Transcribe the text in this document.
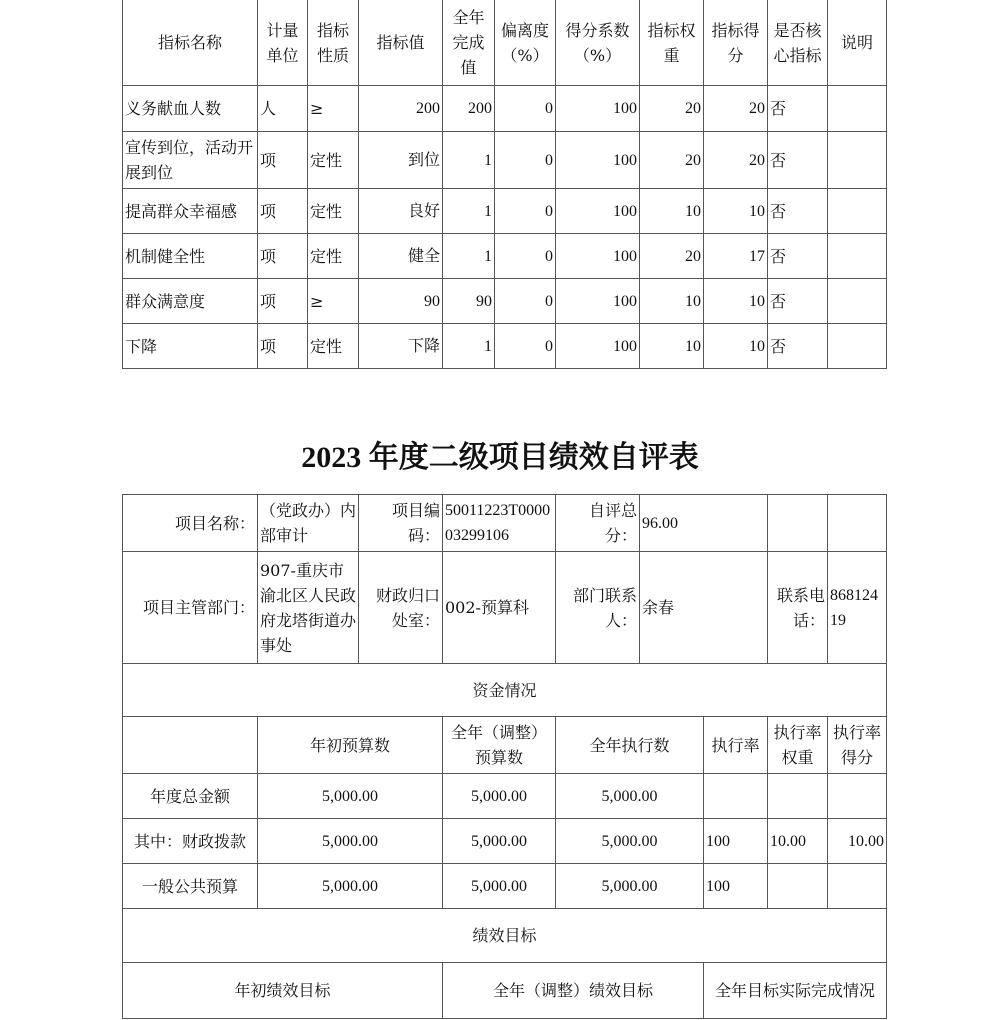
指标名称	计量单位	指标性质	指标值	全年完成值	偏离度（%）	得分系数（%）	指标权重	指标得分	是否核心指标	说明
义务献血人数	人	≥	200	200	0	100	20	20	否	
宣传到位，活动开展到位	项	定性	到位	1	0	100	20	20	否	
提高群众幸福感	项	定性	良好	1	0	100	10	10	否	
机制健全性	项	定性	健全	1	0	100	20	17	否	
群众满意度	项	≥	90	90	0	100	10	10	否	
下降	项	定性	下降	1	0	100	10	10	否	
2023 年度二级项目绩效自评表
项目名称：	（党政办）内部审计	项目编码：	50011223T000003299106	自评总分：	96.00			
项目主管部门：	907-重庆市渝北区人民政府龙塔街道办事处	财政归口处室：	002-预算科	部门联系人：	余春		联系电话：	86812419
资金情况								
	年初预算数		全年（调整）预算数	全年执行数		执行率	执行率权重	执行率得分
年度总金额	5,000.00		5,000.00	5,000.00				
其中：财政拨款	5,000.00		5,000.00	5,000.00		100	10.00	10.00
一般公共预算	5,000.00		5,000.00	5,000.00		100		
绩效目标								
年初绩效目标			全年（调整）绩效目标			全年目标实际完成情况		
